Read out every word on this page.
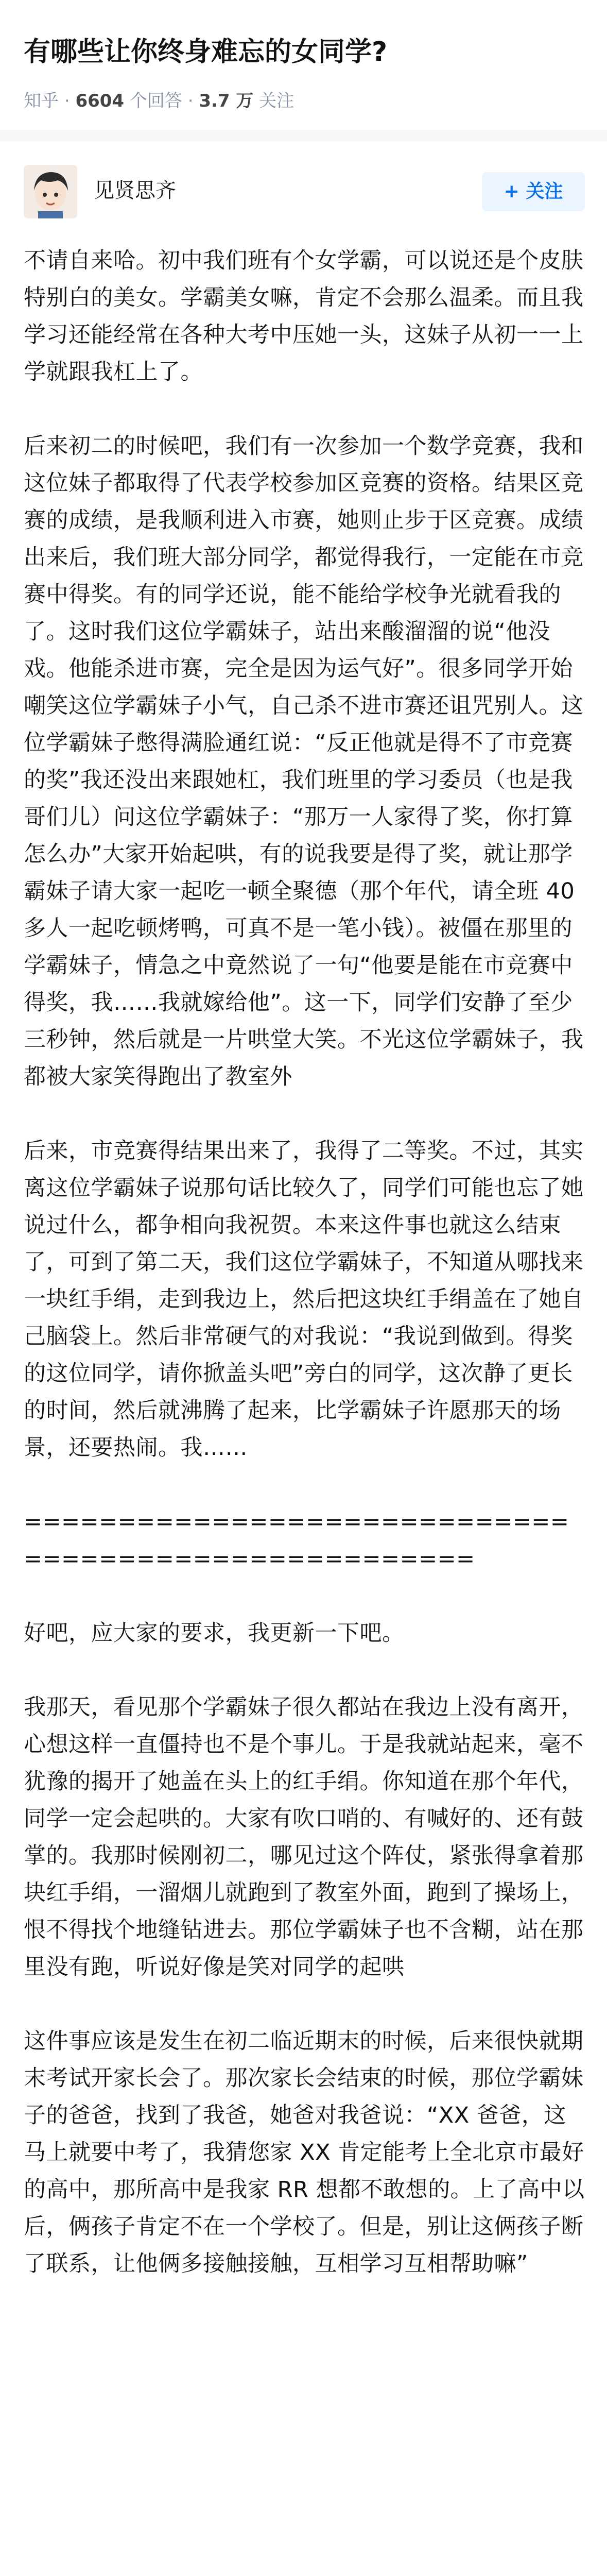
有哪些让你终身难忘的女同学?
知乎 · 6604 个回答 · 3.7 万 关注
见贤思齐	+ 关注

不请自来哈。初中我们班有个女学霸，可以说还是个皮肤特别白的美女。学霸美女嘛，肯定不会那么温柔。而且我学习还能经常在各种大考中压她一头，这妹子从初一一上学就跟我杠上了。

后来初二的时候吧，我们有一次参加一个数学竞赛，我和这位妹子都取得了代表学校参加区竞赛的资格。结果区竞赛的成绩，是我顺利进入市赛，她则止步于区竞赛。成绩出来后，我们班大部分同学，都觉得我行，一定能在市竞赛中得奖。有的同学还说，能不能给学校争光就看我的了。这时我们这位学霸妹子，站出来酸溜溜的说“他没戏。他能杀进市赛，完全是因为运气好”。很多同学开始嘲笑这位学霸妹子小气，自己杀不进市赛还诅咒别人。这位学霸妹子憋得满脸通红说：“反正他就是得不了市竞赛的奖”我还没出来跟她杠，我们班里的学习委员（也是我哥们儿）问这位学霸妹子：“那万一人家得了奖，你打算怎么办”大家开始起哄，有的说我要是得了奖，就让那学霸妹子请大家一起吃一顿全聚德（那个年代，请全班 40 多人一起吃顿烤鸭，可真不是一笔小钱）。被僵在那里的学霸妹子，情急之中竟然说了一句“他要是能在市竞赛中得奖，我……我就嫁给他”。这一下，同学们安静了至少三秒钟，然后就是一片哄堂大笑。不光这位学霸妹子，我都被大家笑得跑出了教室外

后来，市竞赛得结果出来了，我得了二等奖。不过，其实离这位学霸妹子说那句话比较久了，同学们可能也忘了她说过什么，都争相向我祝贺。本来这件事也就这么结束了，可到了第二天，我们这位学霸妹子，不知道从哪找来一块红手绢，走到我边上，然后把这块红手绢盖在了她自己脑袋上。然后非常硬气的对我说：“我说到做到。得奖的这位同学，请你掀盖头吧”旁白的同学，这次静了更长的时间，然后就沸腾了起来，比学霸妹子许愿那天的场景，还要热闹。我……

=====================================================

好吧，应大家的要求，我更新一下吧。

我那天，看见那个学霸妹子很久都站在我边上没有离开，心想这样一直僵持也不是个事儿。于是我就站起来，毫不犹豫的揭开了她盖在头上的红手绢。你知道在那个年代，同学一定会起哄的。大家有吹口哨的、有喊好的、还有鼓掌的。我那时候刚初二，哪见过这个阵仗，紧张得拿着那块红手绢，一溜烟儿就跑到了教室外面，跑到了操场上，恨不得找个地缝钻进去。那位学霸妹子也不含糊，站在那里没有跑，听说好像是笑对同学的起哄

这件事应该是发生在初二临近期末的时候，后来很快就期末考试开家长会了。那次家长会结束的时候，那位学霸妹子的爸爸，找到了我爸，她爸对我爸说：“XX 爸爸，这马上就要中考了，我猜您家 XX 肯定能考上全北京市最好的高中，那所高中是我家 RR 想都不敢想的。上了高中以后，俩孩子肯定不在一个学校了。但是，别让这俩孩子断了联系，让他俩多接触接触，互相学习互相帮助嘛”
